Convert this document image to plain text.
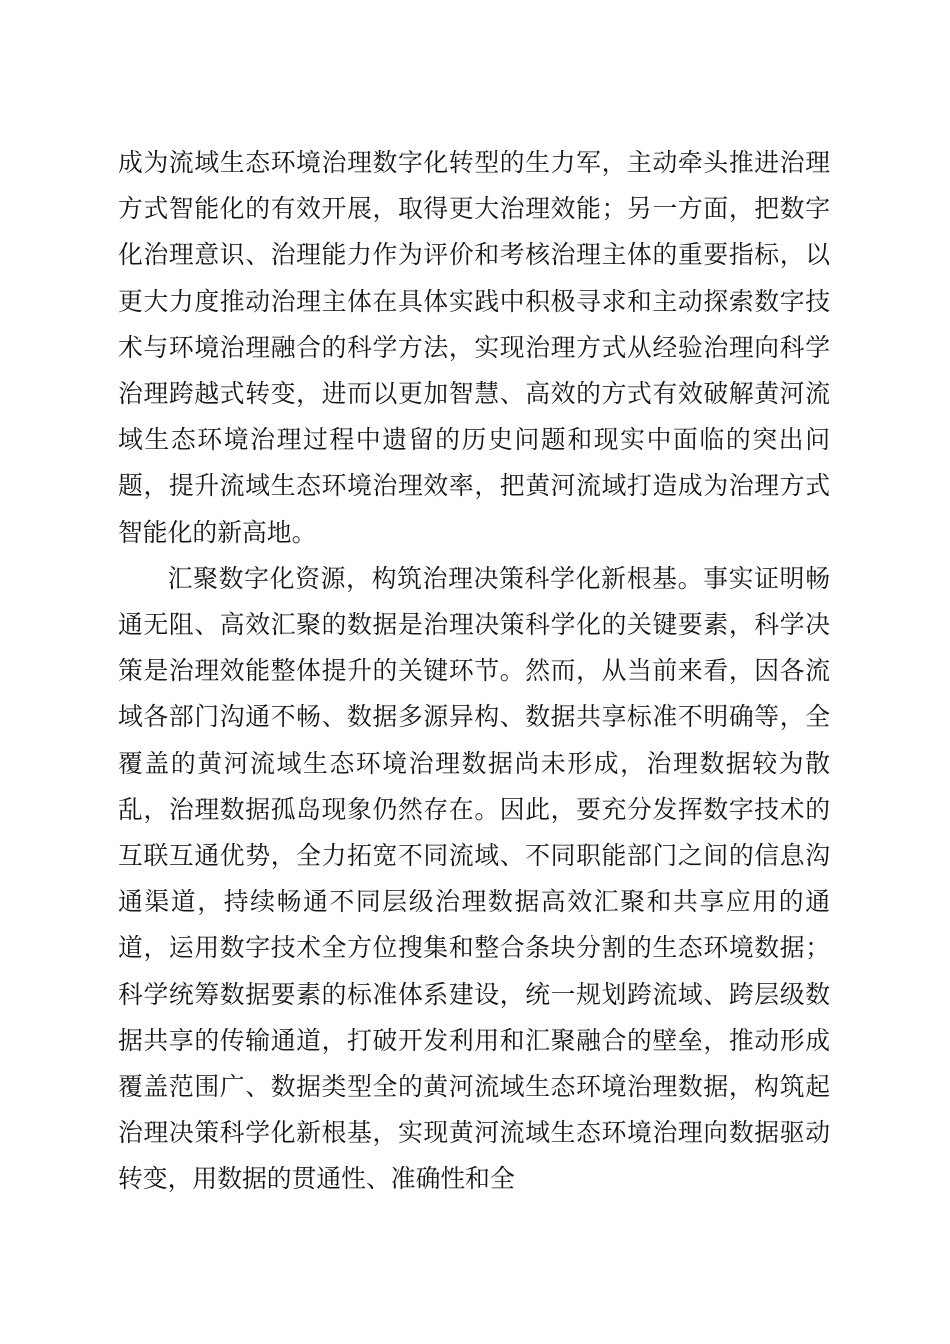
成为流域生态环境治理数字化转型的生力军，主动牵头推进治理方式智能化的有效开展，取得更大治理效能；另一方面，把数字化治理意识、治理能力作为评价和考核治理主体的重要指标，以更大力度推动治理主体在具体实践中积极寻求和主动探索数字技术与环境治理融合的科学方法，实现治理方式从经验治理向科学治理跨越式转变，进而以更加智慧、高效的方式有效破解黄河流域生态环境治理过程中遗留的历史问题和现实中面临的突出问题，提升流域生态环境治理效率，把黄河流域打造成为治理方式智能化的新高地。

汇聚数字化资源，构筑治理决策科学化新根基。事实证明畅通无阻、高效汇聚的数据是治理决策科学化的关键要素，科学决策是治理效能整体提升的关键环节。然而，从当前来看，因各流域各部门沟通不畅、数据多源异构、数据共享标准不明确等，全覆盖的黄河流域生态环境治理数据尚未形成，治理数据较为散乱，治理数据孤岛现象仍然存在。因此，要充分发挥数字技术的互联互通优势，全力拓宽不同流域、不同职能部门之间的信息沟通渠道，持续畅通不同层级治理数据高效汇聚和共享应用的通道，运用数字技术全方位搜集和整合条块分割的生态环境数据；科学统筹数据要素的标准体系建设，统一规划跨流域、跨层级数据共享的传输通道，打破开发利用和汇聚融合的壁垒，推动形成覆盖范围广、数据类型全的黄河流域生态环境治理数据，构筑起治理决策科学化新根基，实现黄河流域生态环境治理向数据驱动转变，用数据的贯通性、准确性和全
